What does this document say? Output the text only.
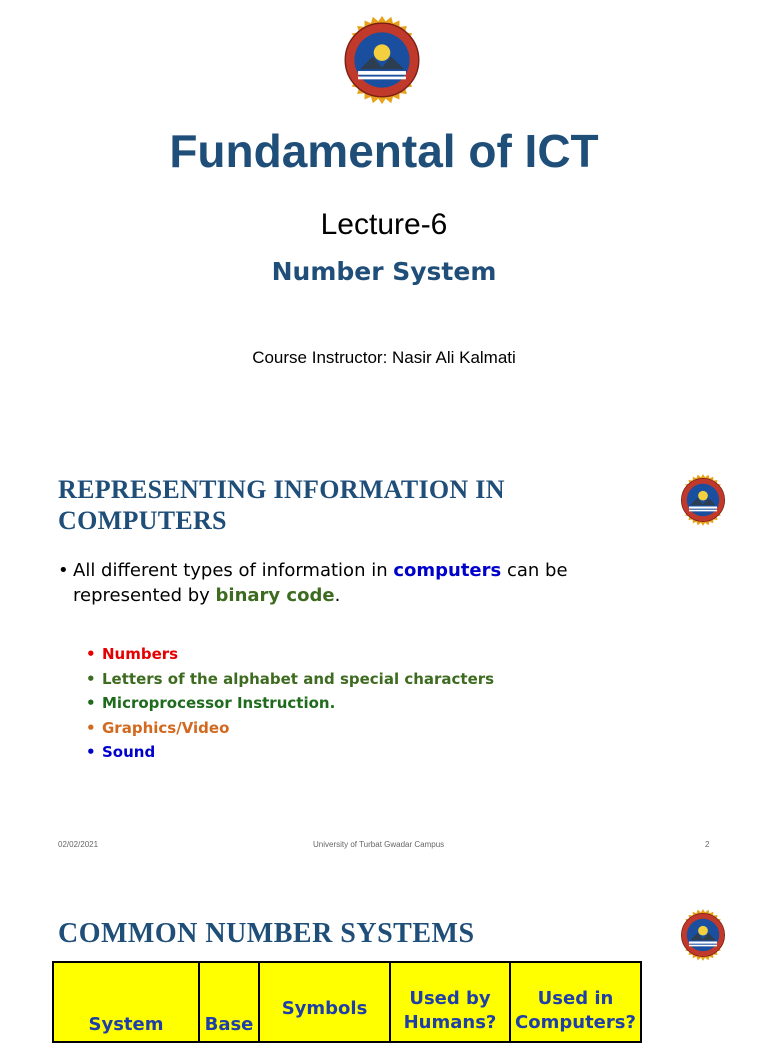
Fundamental of ICT
Lecture-6
Number System
Course Instructor: Nasir Ali Kalmati
REPRESENTING INFORMATION IN
COMPUTERS
• All different types of information in computers can be represented by binary code.
• Numbers
• Letters of the alphabet and special characters
• Microprocessor Instruction.
• Graphics/Video
• Sound
02/02/2021	University of Turbat Gwadar Campus	2
COMMON NUMBER SYSTEMS
System	Base	Symbols	Used by Humans?	Used in Computers?
